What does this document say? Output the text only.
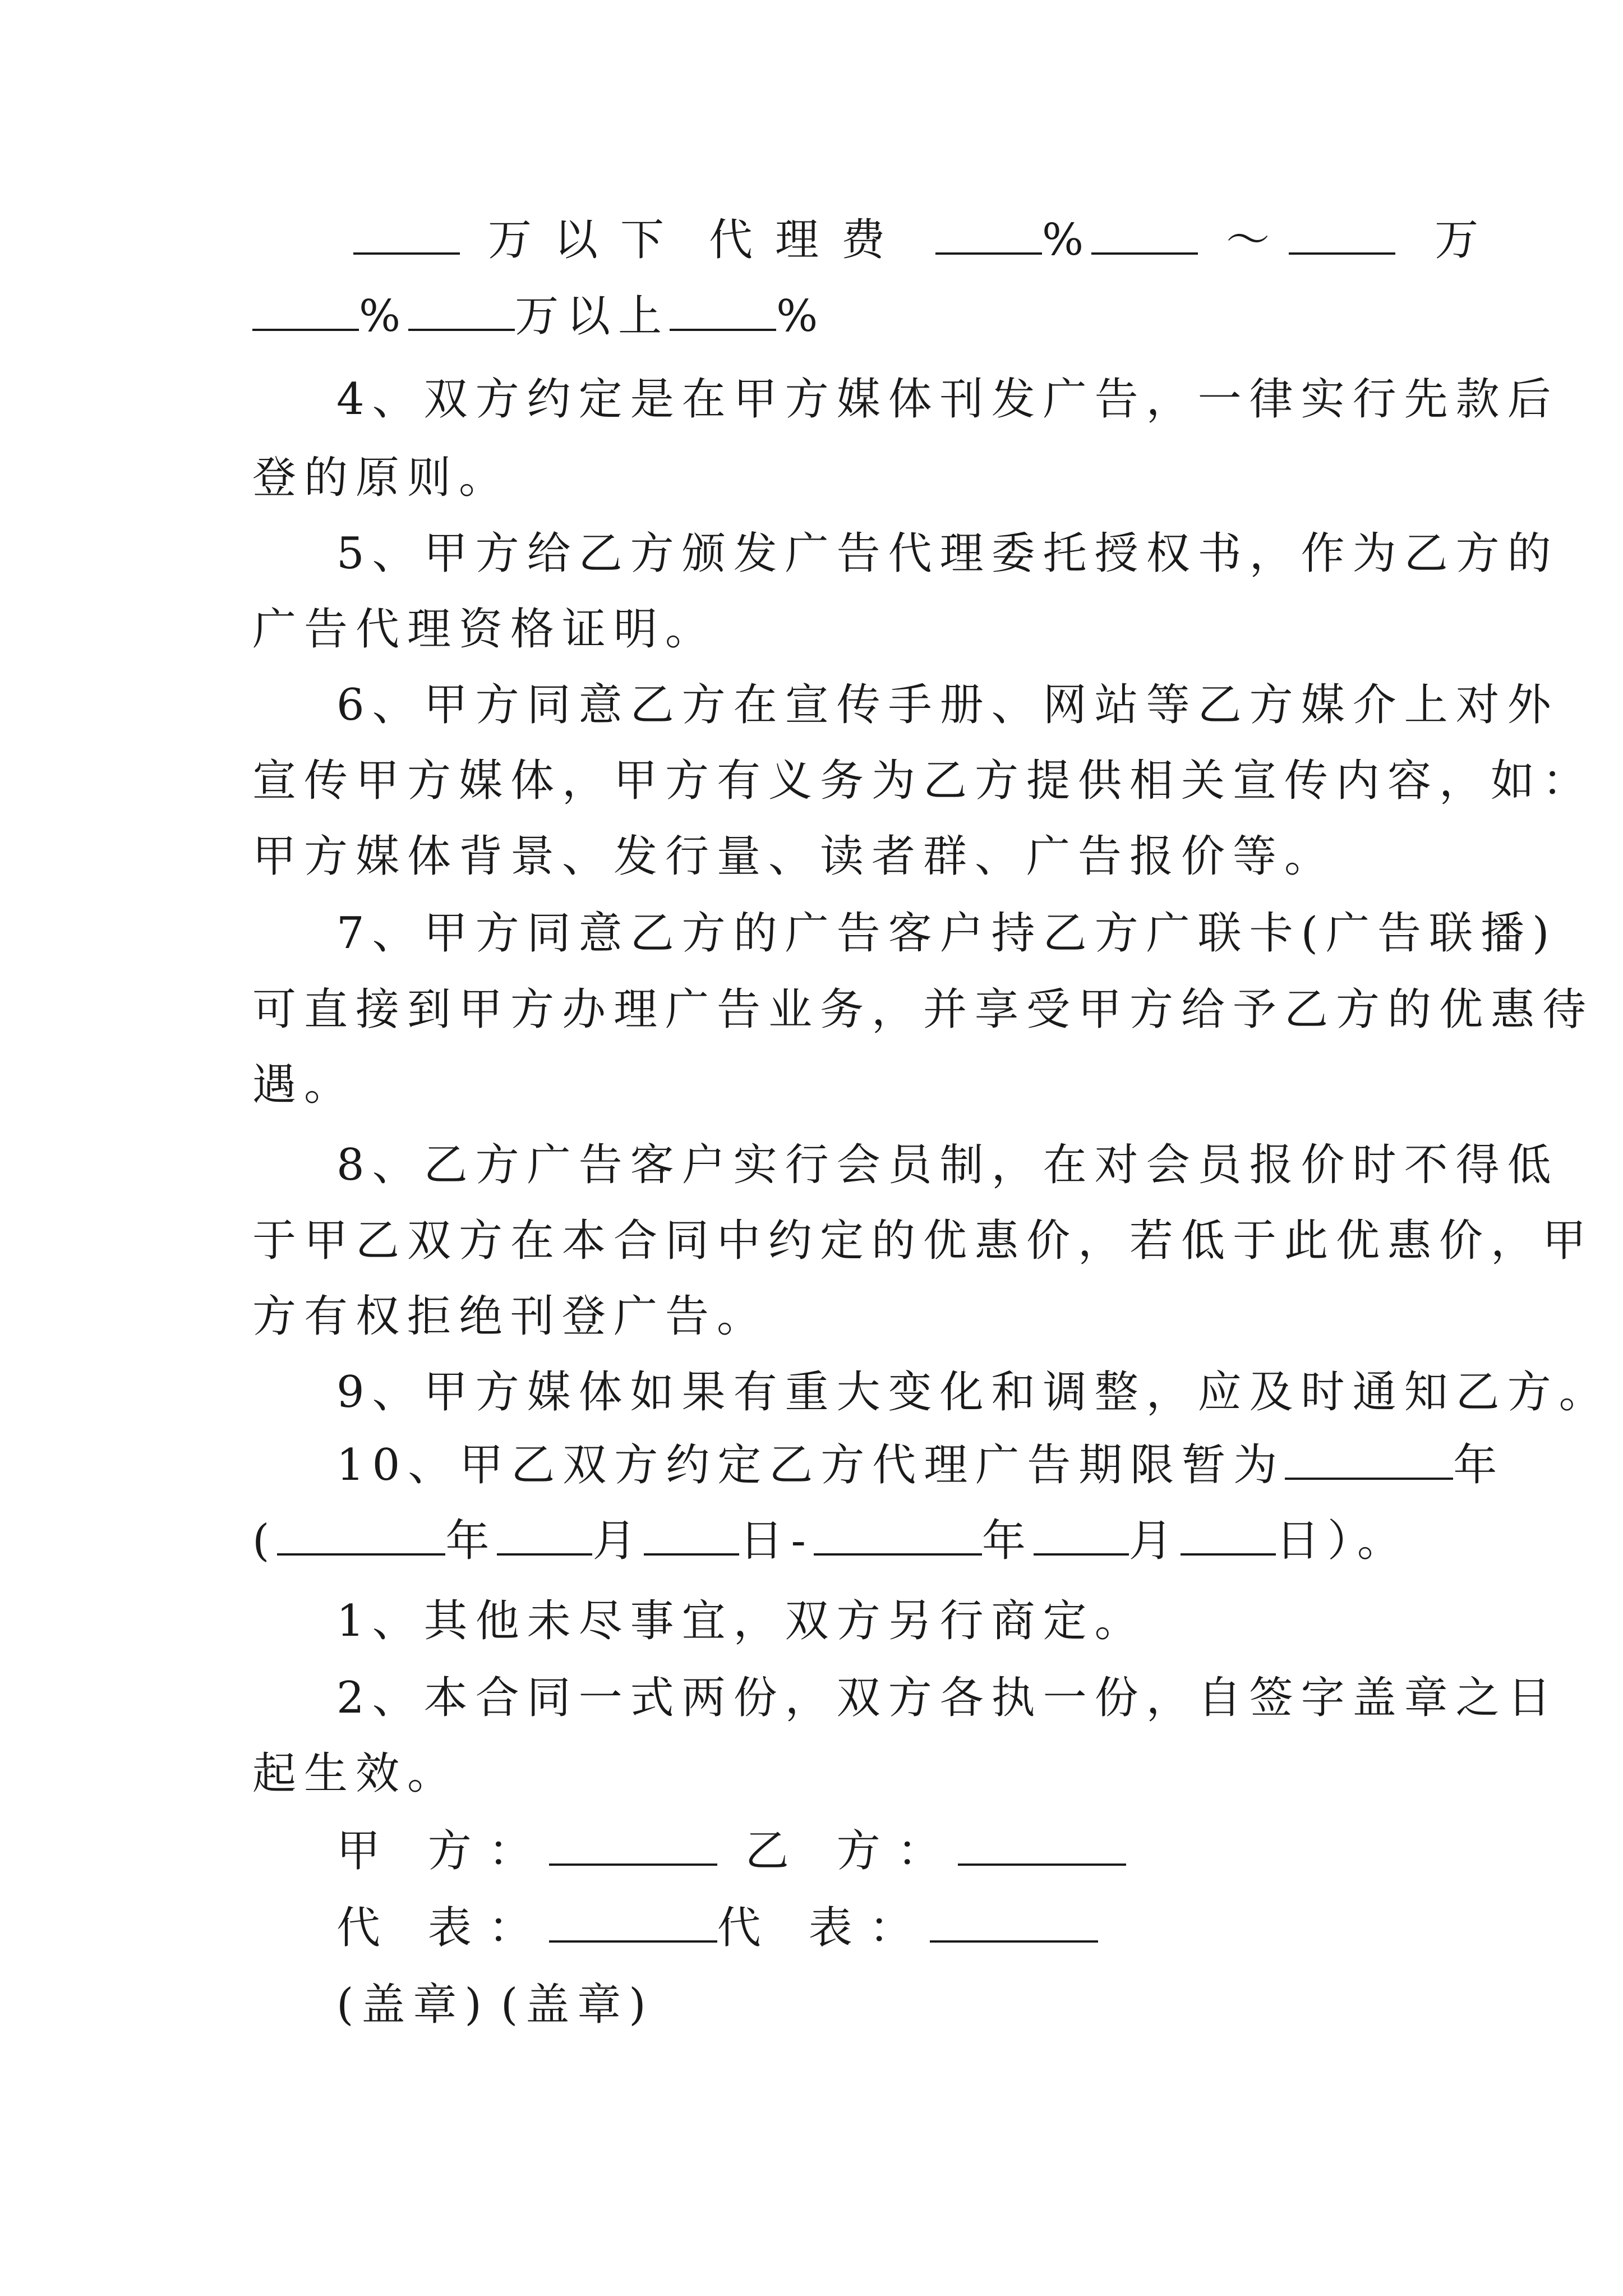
万以下 代理费	%	～	万
% 万以上 %
4、双方约定是在甲方媒体刊发广告，一律实行先款后
登的原则。
5、甲方给乙方颁发广告代理委托授权书，作为乙方的
广告代理资格证明。
6、甲方同意乙方在宣传手册、网站等乙方媒介上对外
宣传甲方媒体，甲方有义务为乙方提供相关宣传内容，如：
甲方媒体背景、发行量、读者群、广告报价等。
7、甲方同意乙方的广告客户持乙方广联卡(广告联播)
可直接到甲方办理广告业务，并享受甲方给予乙方的优惠待
遇。
8、乙方广告客户实行会员制，在对会员报价时不得低
于甲乙双方在本合同中约定的优惠价，若低于此优惠价，甲
方有权拒绝刊登广告。
9、甲方媒体如果有重大变化和调整，应及时通知乙方。
10、甲乙双方约定乙方代理广告期限暂为	年
(	年 月 日-	年 月 日）。
1、其他未尽事宜，双方另行商定。
2、本合同一式两份，双方各执一份，自签字盖章之日
起生效。
甲 方：	乙 方：
代 表：	代 表：
(盖章) (盖章)
